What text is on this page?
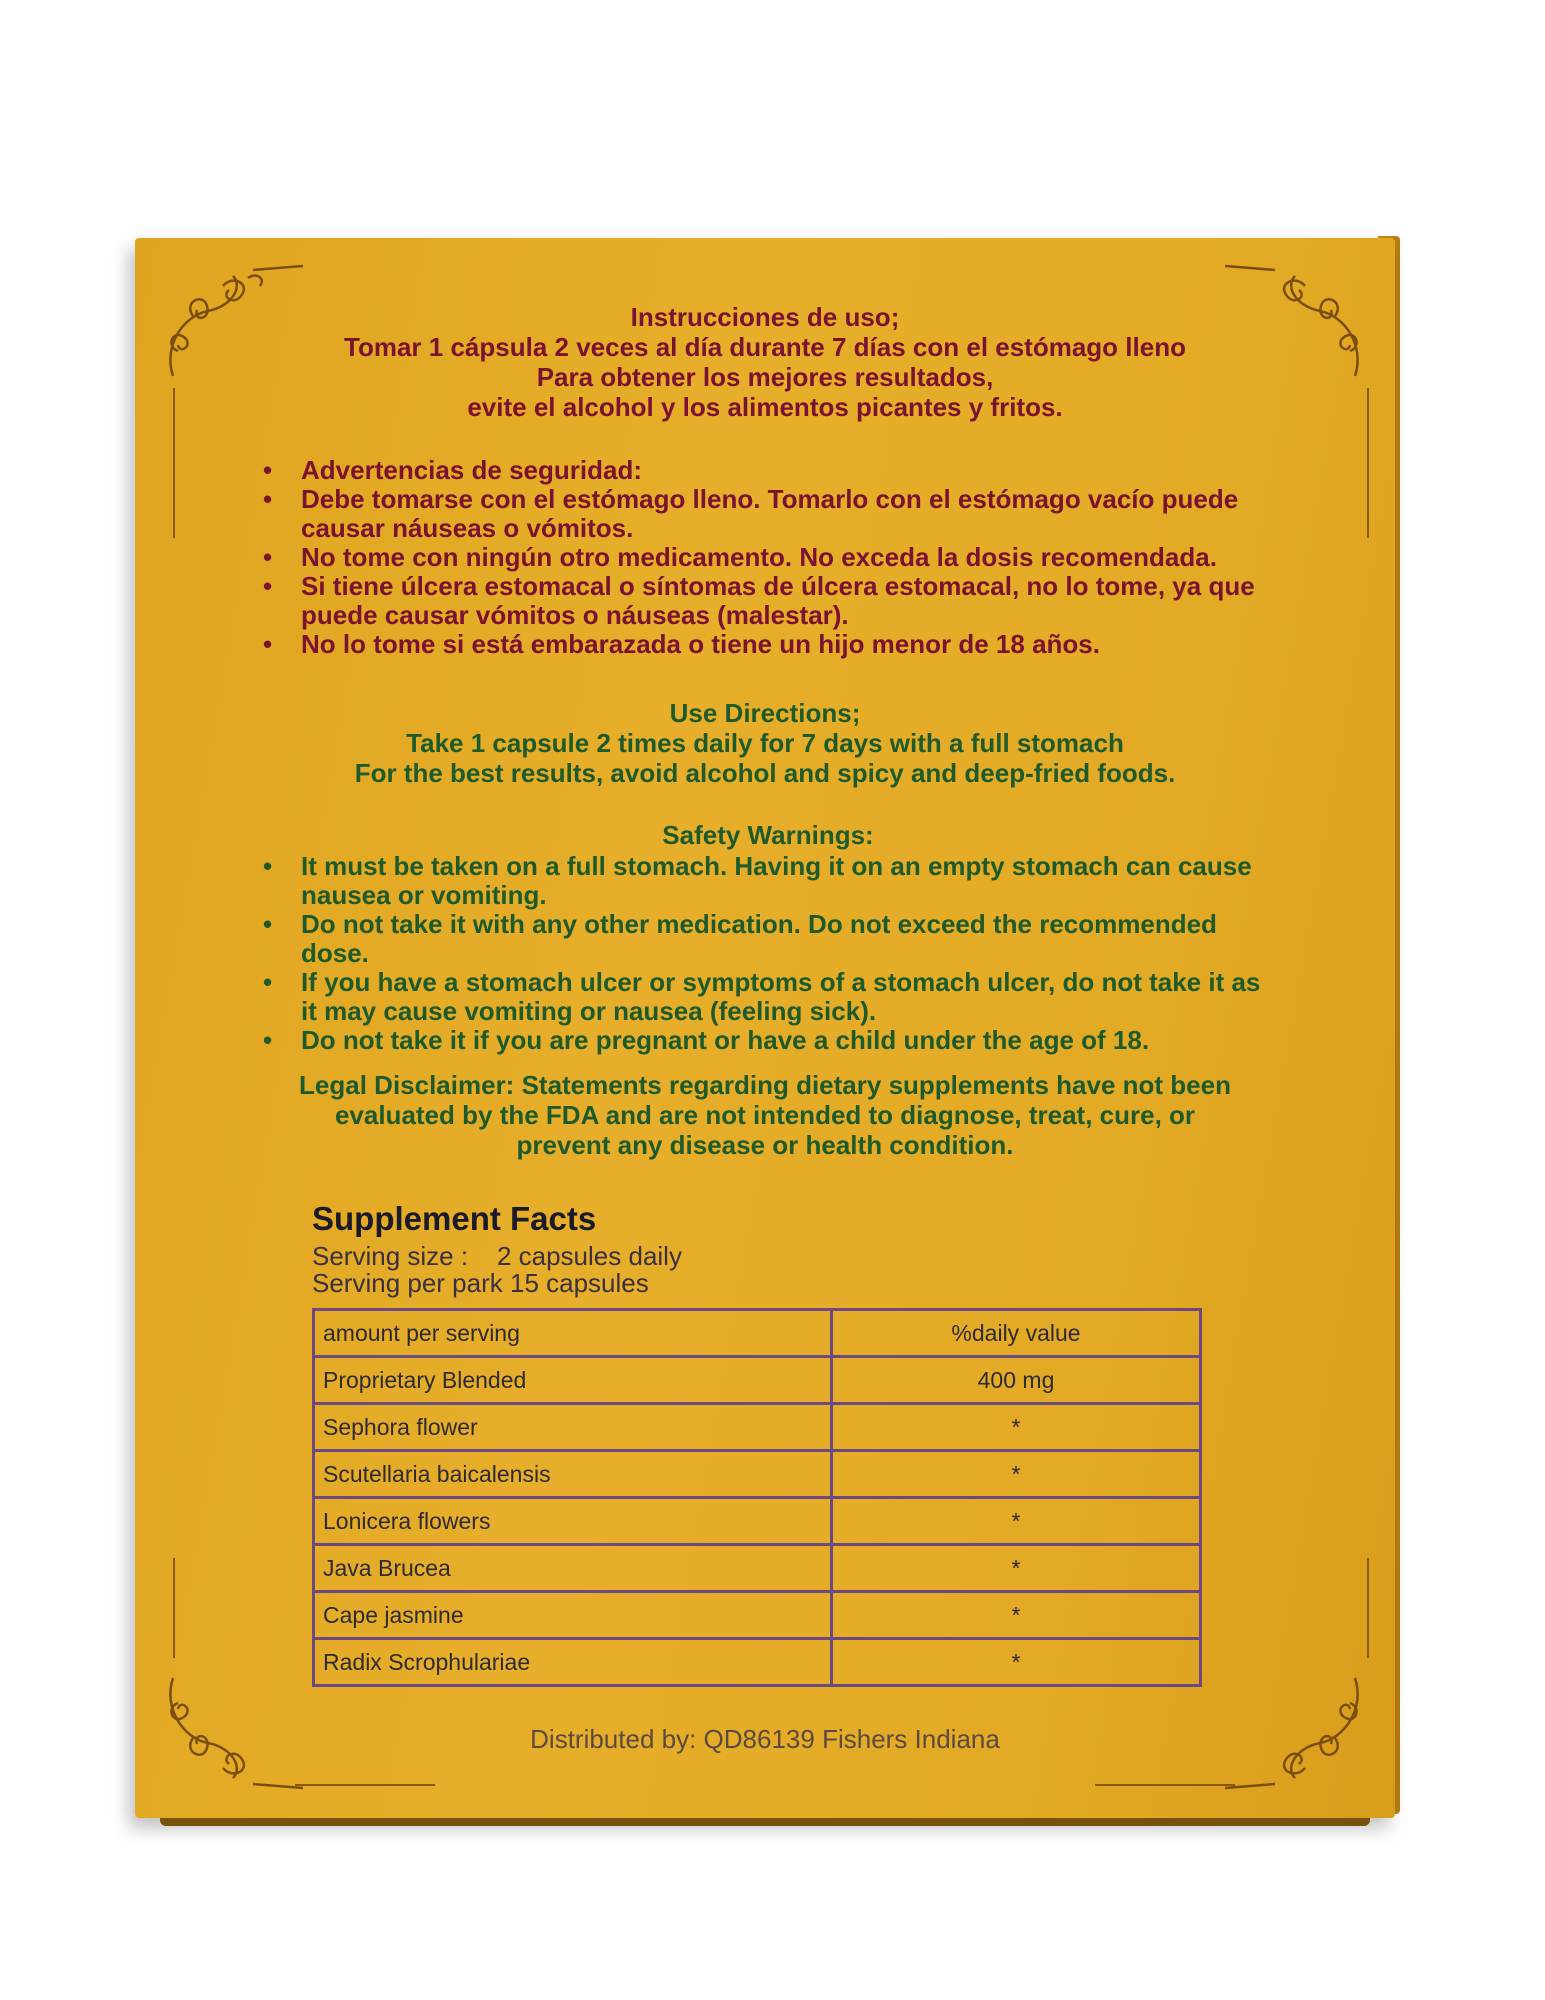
Instrucciones de uso;

Tomar 1 cápsula 2 veces al día durante 7 días con el estómago lleno

Para obtener los mejores resultados,

evite el alcohol y los alimentos picantes y fritos.

• Advertencias de seguridad:
• Debe tomarse con el estómago lleno. Tomarlo con el estómago vacío puede causar náuseas o vómitos.
• No tome con ningún otro medicamento. No exceda la dosis recomendada.
• Si tiene úlcera estomacal o síntomas de úlcera estomacal, no lo tome, ya que puede causar vómitos o náuseas (malestar).
• No lo tome si está embarazada o tiene un hijo menor de 18 años.

Use Directions;

Take 1 capsule 2 times daily for 7 days with a full stomach

For the best results, avoid alcohol and spicy and deep-fried foods.

Safety Warnings:

• It must be taken on a full stomach. Having it on an empty stomach can cause nausea or vomiting.
• Do not take it with any other medication. Do not exceed the recommended dose.
• If you have a stomach ulcer or symptoms of a stomach ulcer, do not take it as it may cause vomiting or nausea (feeling sick).
• Do not take it if you are pregnant or have a child under the age of 18.

Legal Disclaimer: Statements regarding dietary supplements have not been evaluated by the FDA and are not intended to diagnose, treat, cure, or prevent any disease or health condition.

Supplement Facts
Serving size :    2 capsules daily
Serving per park 15 capsules
amount per serving	%daily value
Proprietary Blended	400 mg
Sephora flower	*
Scutellaria baicalensis	*
Lonicera flowers	*
Java Brucea	*
Cape jasmine	*
Radix Scrophulariae	*
Distributed by: QD86139 Fishers Indiana
